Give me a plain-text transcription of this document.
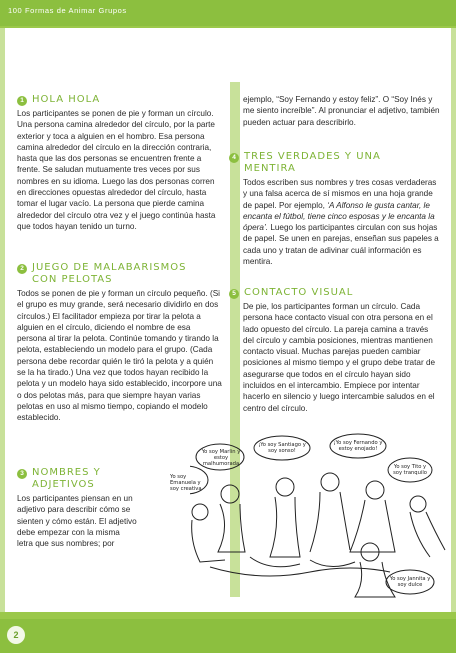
100 Formas de Animar Grupos
1 HOLA HOLA
Los participantes se ponen de pie y forman un círculo. Una persona camina alrededor del círculo, por la parte exterior y toca a alguien en el hombro. Esa persona camina alrededor del círculo en la dirección contraria, hasta que las dos personas se encuentren frente a frente. Se saludan mutuamente tres veces por sus nombres en su idioma. Luego las dos personas corren en direcciones opuestas alrededor del círculo, hasta tomar el lugar vacío. La persona que pierde camina alrededor del círculo otra vez y el juego continúa hasta que todos hayan tenido un turno.
2 JUEGO DE MALABARISMOS CON PELOTAS
Todos se ponen de pie y forman un círculo pequeño. (Si el grupo es muy grande, será necesario dividirlo en dos círculos.) El facilitador empieza por tirar la pelota a alguien en el círculo, diciendo el nombre de esa persona al tirar la pelota. Continúe tomando y tirando la pelota, estableciendo un modelo para el grupo. (Cada persona debe recordar quién le tiró la pelota y a quién se la ha tirado.) Una vez que todos hayan recibido la pelota y un modelo haya sido establecido, incorpore una o dos pelotas más, para que siempre hayan varias pelotas en uso al mismo tiempo, copiando el modelo establecido.
3 NOMBRES Y ADJETIVOS
Los participantes piensan en un adjetivo para describir cómo se sienten y cómo están. El adjetivo debe empezar con la misma letra que sus nombres; por
ejemplo, “Soy Fernando y estoy feliz”. O “Soy Inés y me siento increíble”. Al pronunciar el adjetivo, también pueden actuar para describirlo.
4 TRES VERDADES Y UNA MENTIRA
Todos escriben sus nombres y tres cosas verdaderas y una falsa acerca de sí mismos en una hoja grande de papel. Por ejemplo, ‘A Alfonso le gusta cantar, le encanta el fútbol, tiene cinco esposas y le encanta la ópera’. Luego los participantes circulan con sus hojas de papel. Se unen en parejas, enseñan sus papeles a cada uno y tratan de adivinar cuál información es mentira.
5 CONTACTO VISUAL
De pie, los participantes forman un círculo. Cada persona hace contacto visual con otra persona en el lado opuesto del círculo. La pareja camina a través del círculo y cambia posiciones, mientras mantienen contacto visual. Muchas parejas pueden cambiar posiciones al mismo tiempo y el grupo debe tratar de asegurarse que todos en el círculo hayan sido incluidos en el intercambio. Empiece por intentar hacerlo en silencio y luego intercambie saludos en el centro del círculo.
Yo soy Marlin y estoy malhumorada
¡Yo soy Santiago y soy sonso!
¡Yo soy Fernando y estoy enojado!
Yo soy Tito y soy tranquilo
Yo soy Emanuela y soy creativa
Yo soy Jannita y soy dulce
2
